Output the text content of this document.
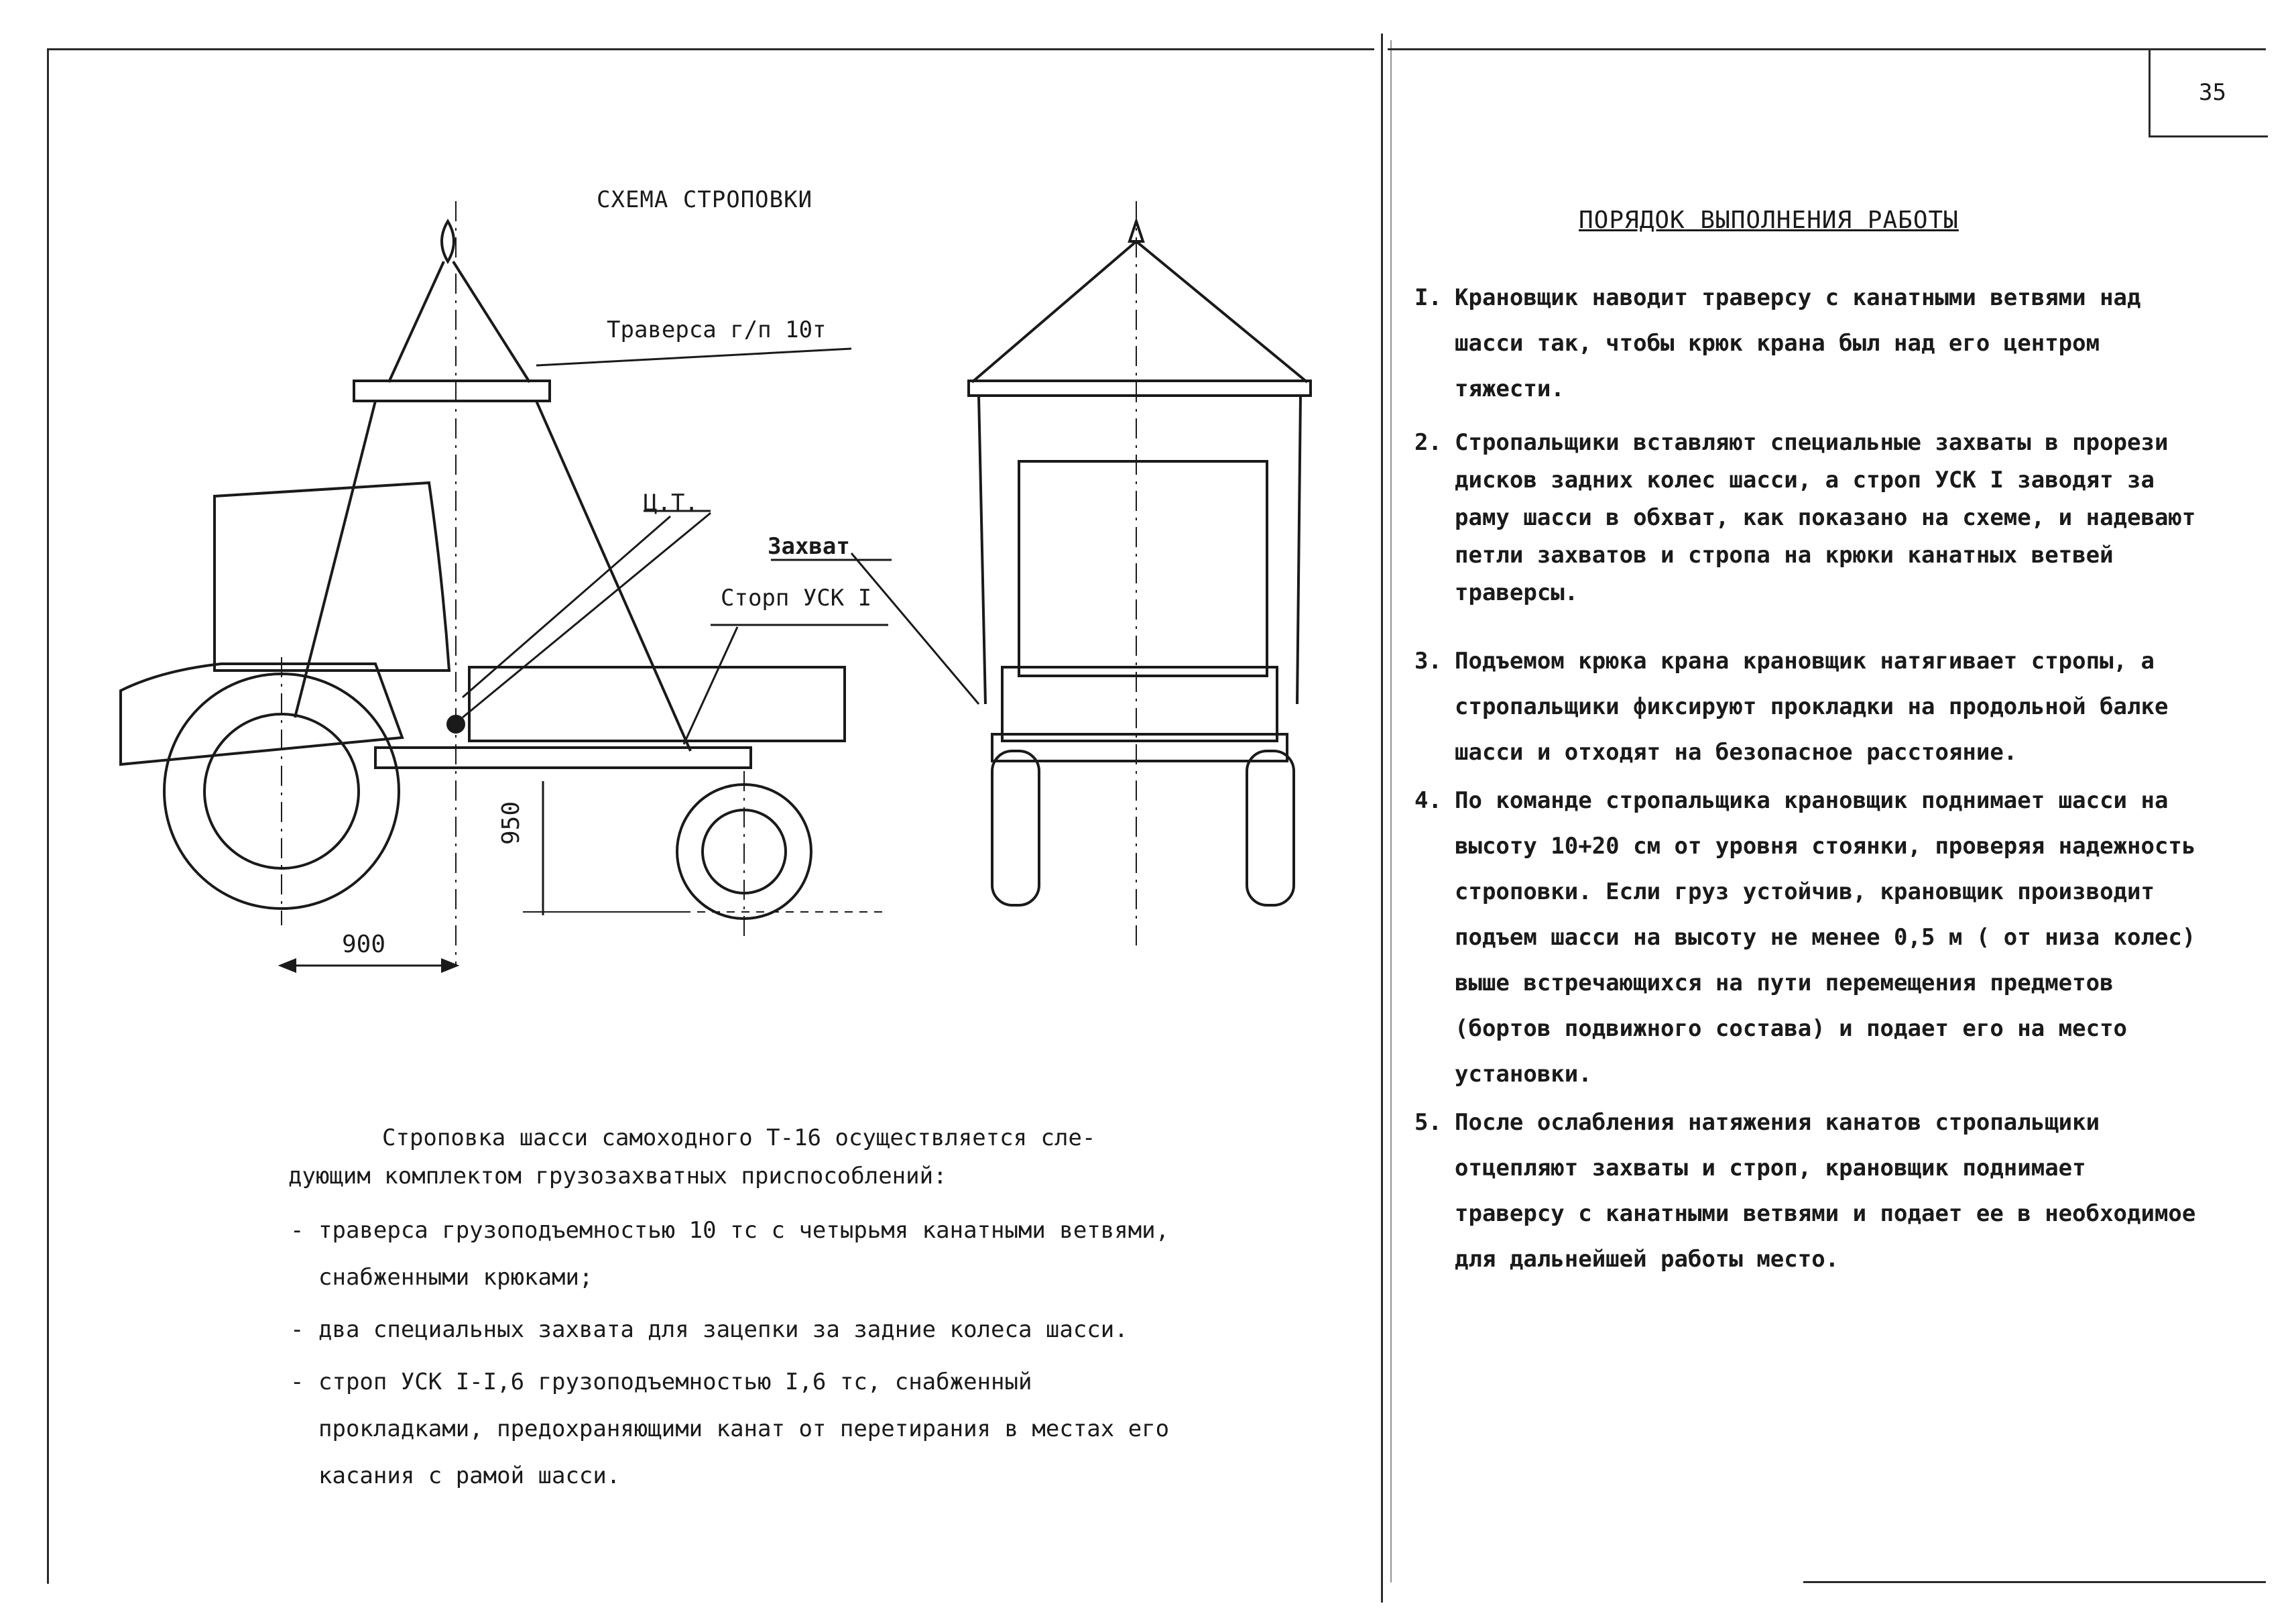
35
СХЕМА СТРОПОВКИ
Траверса г/п 10т
Ц.Т.
Захват
Сторп УСК I
950
900
Строповка шасси самоходного Т-16 осуществляется сле-
дующим комплектом грузозахватных приспособлений:
- траверса грузоподъемностью 10 тс с четырьмя канатными ветвями, снабженными крюками;
- два специальных захвата для зацепки за задние колеса шасси.
- строп УСК I-I,6 грузоподъемностью I,6 тс, снабженный прокладками, предохраняющими канат от перетирания в местах его касания с рамой шасси.
ПОРЯДОК ВЫПОЛНЕНИЯ РАБОТЫ
I. Крановщик наводит траверсу с канатными ветвями над шасси так, чтобы крюк крана был над его центром тяжести.
2. Стропальщики вставляют специальные захваты в прорези дисков задних колес шасси, а строп УСК I заводят за раму шасси в обхват, как показано на схеме, и надевают петли захватов и стропа на крюки канатных ветвей траверсы.
3. Подъемом крюка крана крановщик натягивает стропы, а стропальщики фиксируют прокладки на продольной балке шасси и отходят на безопасное расстояние.
4. По команде стропальщика крановщик поднимает шасси на высоту 10+20 см от уровня стоянки, проверяя надежность строповки. Если груз устойчив, крановщик производит подъем шасси на высоту не менее 0,5 м ( от низа колес) выше встречающихся на пути перемещения предметов (бортов подвижного состава) и подает его на место установки.
5. После ослабления натяжения канатов стропальщики отцепляют захваты и строп, крановщик поднимает траверсу с канатными ветвями и подает ее в необходимое для дальнейшей работы место.
